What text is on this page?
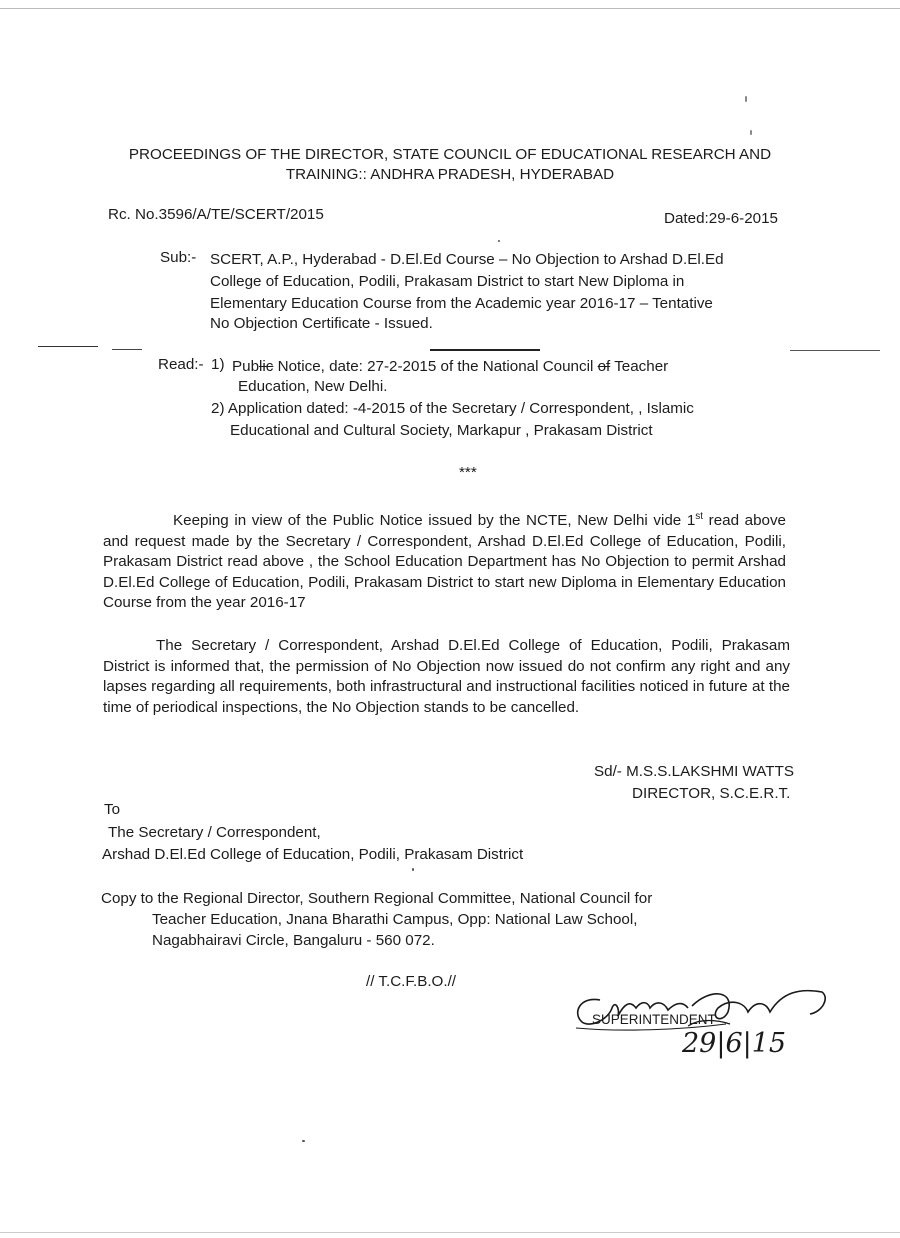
PROCEEDINGS OF THE DIRECTOR, STATE COUNCIL OF EDUCATIONAL RESEARCH AND
TRAINING:: ANDHRA PRADESH, HYDERABAD
Rc. No.3596/A/TE/SCERT/2015	Dated:29-6-2015
Sub:- SCERT, A.P., Hyderabad - D.El.Ed Course – No Objection to Arshad D.El.Ed
College of Education, Podili, Prakasam District to start New Diploma in
Elementary Education Course from the Academic year 2016-17 – Tentative
No Objection Certificate - Issued.
Read:- 1) Public Notice, date: 27-2-2015 of the National Council of Teacher
Education, New Delhi.
2) Application dated: -4-2015 of the Secretary / Correspondent, , Islamic
Educational and Cultural Society, Markapur , Prakasam District
***
Keeping in view of the Public Notice issued by the NCTE, New Delhi vide 1st read above and request made by the Secretary / Correspondent, Arshad D.El.Ed College of Education, Podili, Prakasam District read above , the School Education Department has No Objection to permit Arshad D.El.Ed College of Education, Podili, Prakasam District to start new Diploma in Elementary Education Course from the year 2016-17
The Secretary / Correspondent, Arshad D.El.Ed College of Education, Podili, Prakasam District is informed that, the permission of No Objection now issued do not confirm any right and any lapses regarding all requirements, both infrastructural and instructional facilities noticed in future at the time of periodical inspections, the No Objection stands to be cancelled.
Sd/- M.S.S.LAKSHMI WATTS
DIRECTOR, S.C.E.R.T.
To
The Secretary / Correspondent,
Arshad D.El.Ed College of Education, Podili, Prakasam District
Copy to the Regional Director, Southern Regional Committee, National Council for
Teacher Education, Jnana Bharathi Campus, Opp: National Law School,
Nagabhairavi Circle, Bangaluru - 560 072.
// T.C.F.B.O.//
SUPERINTENDENT
29|6|15
